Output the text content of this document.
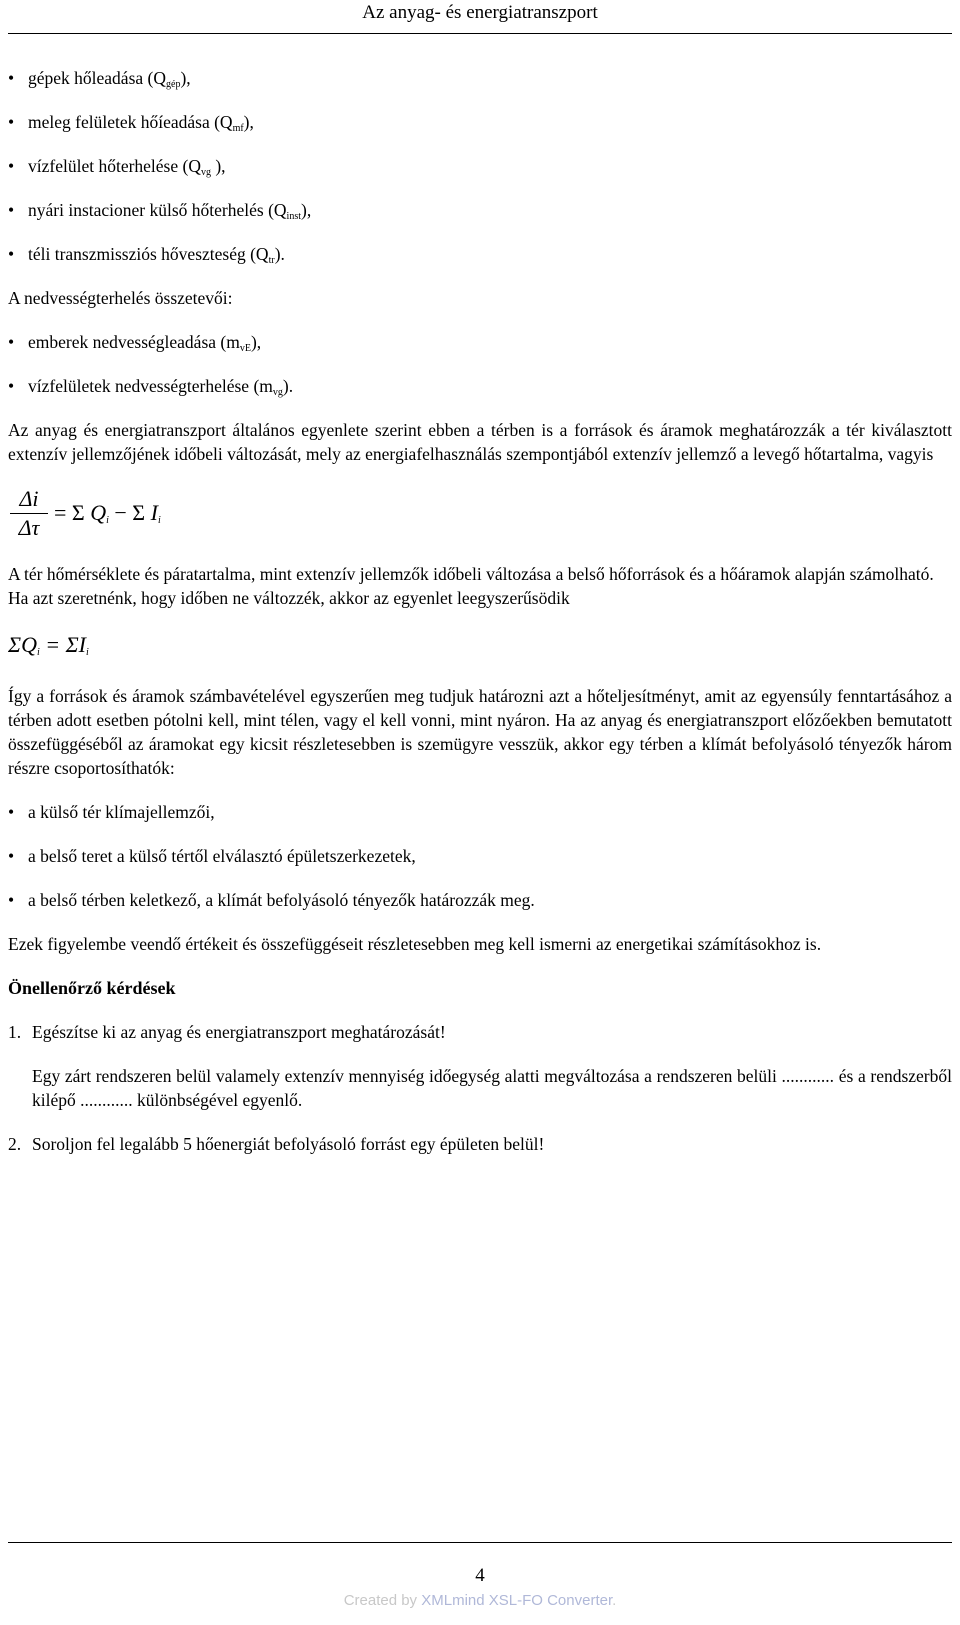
Az anyag- és energiatranszport
• gépek hőleadása $(Q_{gép})$,
• meleg felületek hőíeadása $(Q_{mf})$,
• vízfelület hőterhelése ($Q_{vg}$ ),
• nyári instacioner külső hőterhelés $(Q_{inst})$,
• téli transzmissziós hőveszteség $(Q_{tr})$.

A nedvességterhelés összetevői:

• emberek nedvességleadása $(m_{vE})$,
• vízfelületek nedvességterhelése $(m_{vg})$.

Az anyag és energiatranszport általános egyenlete szerint ebben a térben is a források és áramok meghatározzák a tér kiválasztott extenzív jellemzőjének időbeli változását, mely az energiafelhasználás szempontjából extenzív jellemző a levegő hőtartalma, vagyis

Δi
Δτ
= Σ $Q_i - \Sigma$ $I_i$

A tér hőmérséklete és páratartalma, mint extenzív jellemzők időbeli változása a belső hőforrások és a hőáramok alapján számolható. Ha azt szeretnénk, hogy időben ne változzék, akkor az egyenlet leegyszerűsödik

$\Sigma Q_i = \Sigma I_i$

Így a források és áramok számbavételével egyszerűen meg tudjuk határozni azt a hőteljesítményt, amit az egyensúly fenntartásához a térben adott esetben pótolni kell, mint télen, vagy el kell vonni, mint nyáron. Ha az anyag és energiatranszport előzőekben bemutatott összefüggéséből az áramokat egy kicsit részletesebben is szemügyre vesszük, akkor egy térben a klímát befolyásoló tényezők három részre csoportosíthatók:

• a külső tér klímajellemzői,
• a belső teret a külső tértől elválasztó épületszerkezetek,
• a belső térben keletkező, a klímát befolyásoló tényezők határozzák meg.

Ezek figyelembe veendő értékeit és összefüggéseit részletesebben meg kell ismerni az energetikai számításokhoz is.

Önellenőrző kérdések
1. Egészítse ki az anyag és energiatranszport meghatározását!

Egy zárt rendszeren belül valamely extenzív mennyiség időegység alatti megváltozása a rendszeren belüli ............ és a rendszerből kilépő ............ különbségével egyenlő.

2. Soroljon fel legalább 5 hőenergiát befolyásoló forrást egy épületen belül!
4
Created by XMLmind XSL-FO Converter.
